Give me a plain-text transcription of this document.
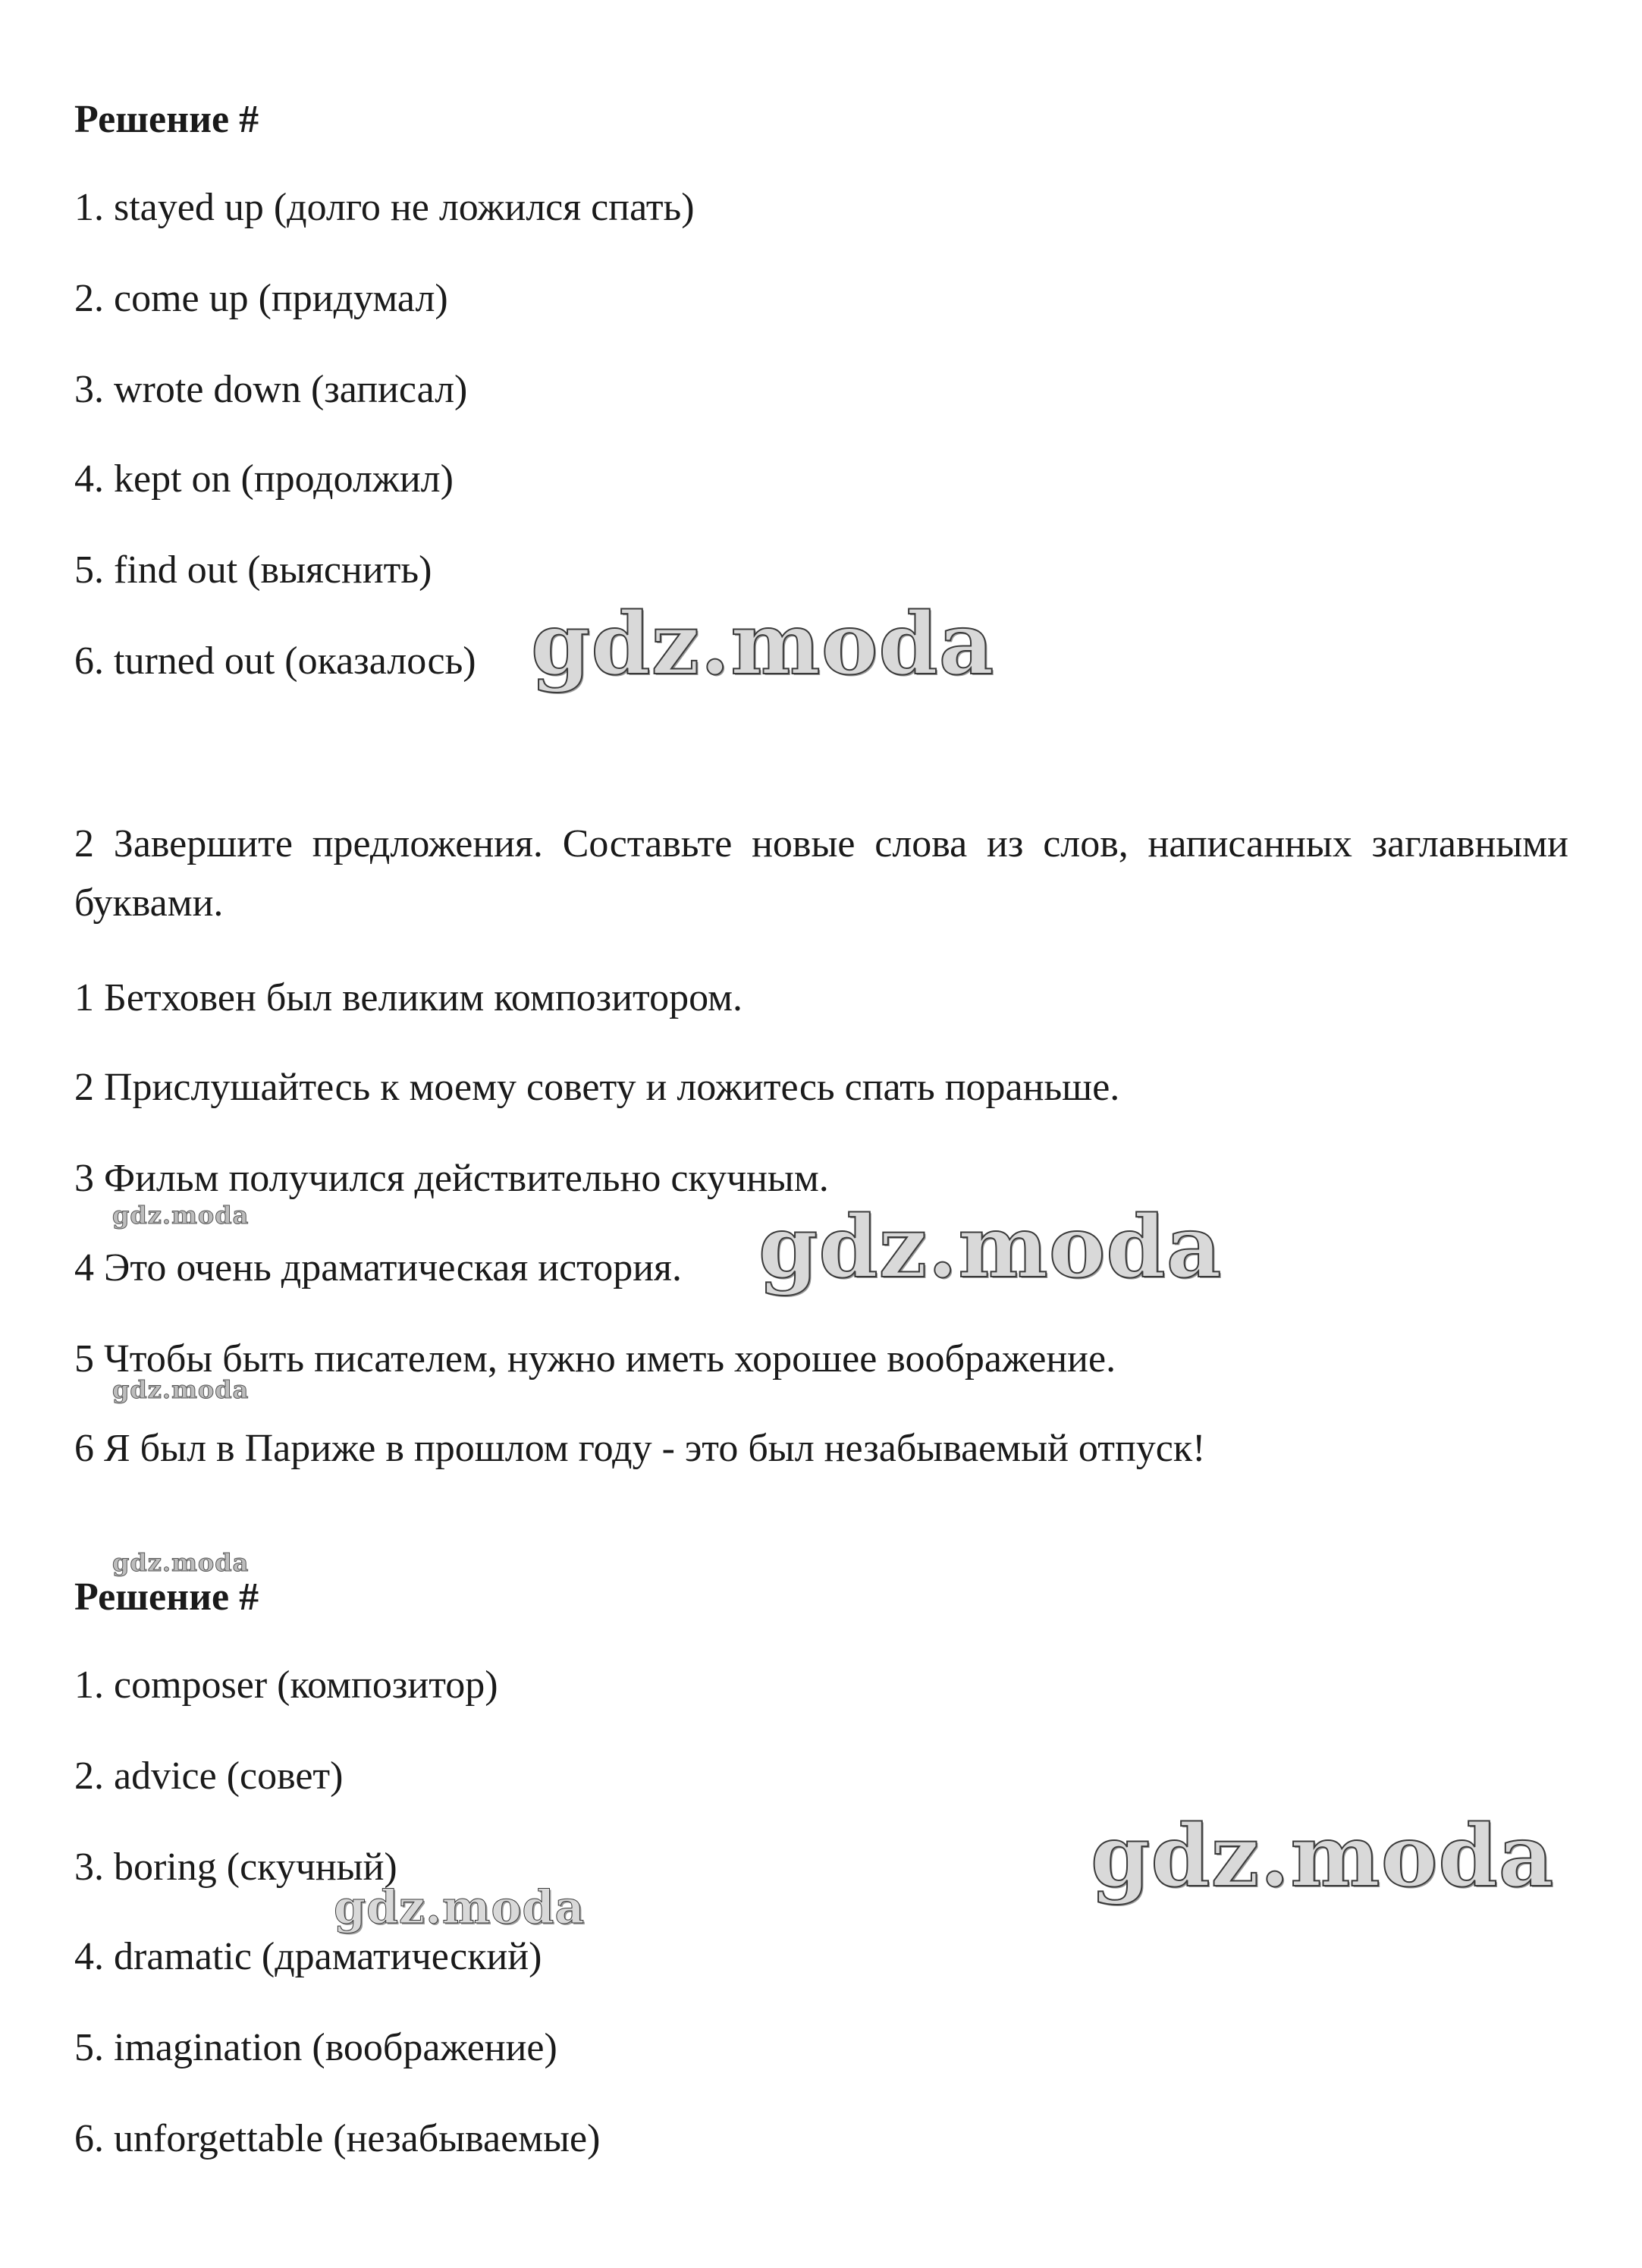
Решение #
1. stayed up (долго не ложился спать)
2. come up (придумал)
3. wrote down (записал)
4. kept on (продолжил)
5. find out (выяснить)
6. turned out (оказалось)
2 Завершите предложения. Составьте новые слова из слов, написанных заглавными буквами.
1 Бетховен был великим композитором.
2 Прислушайтесь к моему совету и ложитесь спать пораньше.
3 Фильм получился действительно скучным.
4 Это очень драматическая история.
5 Чтобы быть писателем, нужно иметь хорошее воображение.
6 Я был в Париже в прошлом году - это был незабываемый отпуск!
Решение #
1. composer (композитор)
2. advice (совет)
3. boring (скучный)
4. dramatic (драматический)
5. imagination (воображение)
6. unforgettable (незабываемые)
gdz.moda
gdz.moda	gdz.moda
gdz.moda
gdz.moda
gdz.moda
gdz.moda
